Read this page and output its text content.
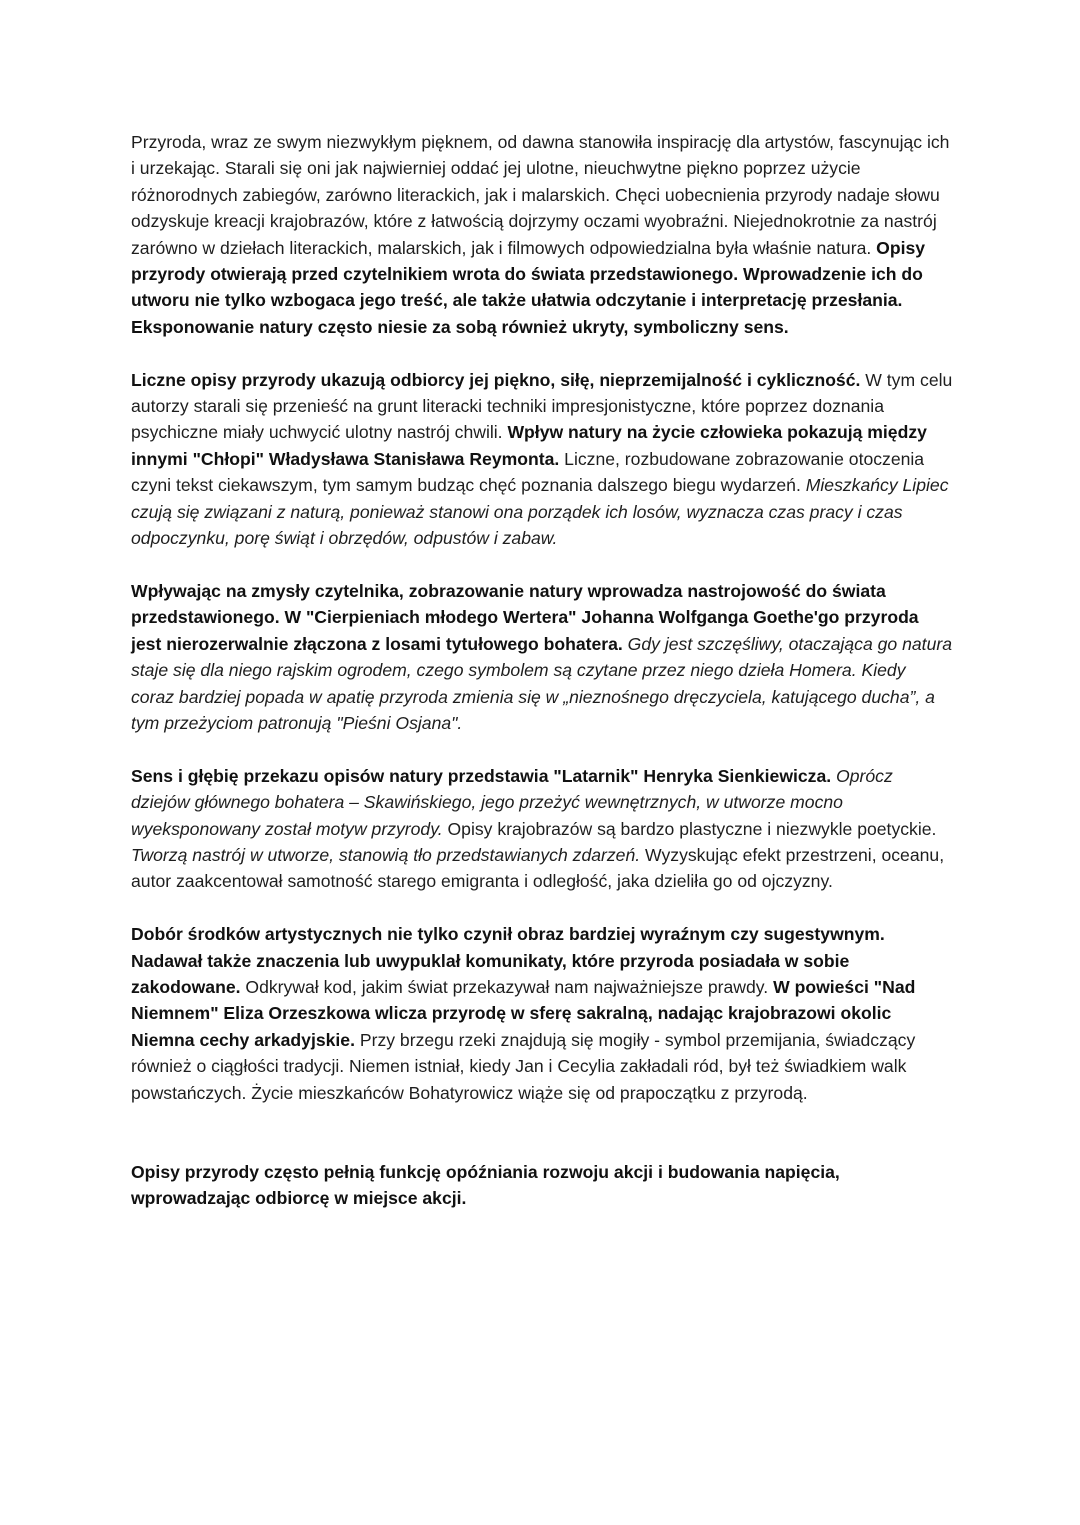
Przyroda, wraz ze swym niezwykłym pięknem, od dawna stanowiła inspirację dla artystów, fascynując ich i urzekając. Starali się oni jak najwierniej oddać jej ulotne, nieuchwytne piękno poprzez użycie różnorodnych zabiegów, zarówno literackich, jak i malarskich. Chęci uobecnienia przyrody nadaje słowu odzyskuje kreacji krajobrazów, które z łatwością dojrzymy oczami wyobraźni. Niejednokrotnie za nastrój zarówno w dziełach literackich, malarskich, jak i filmowych odpowiedzialna była właśnie natura. Opisy przyrody otwierają przed czytelnikiem wrota do świata przedstawionego. Wprowadzenie ich do utworu nie tylko wzbogaca jego treść, ale także ułatwia odczytanie i interpretację przesłania. Eksponowanie natury często niesie za sobą również ukryty, symboliczny sens.

Liczne opisy przyrody ukazują odbiorcy jej piękno, siłę, nieprzemijalność i cykliczność. W tym celu autorzy starali się przenieść na grunt literacki techniki impresjonistyczne, które poprzez doznania psychiczne miały uchwycić ulotny nastrój chwili. Wpływ natury na życie człowieka pokazują między innymi "Chłopi" Władysława Stanisława Reymonta. Liczne, rozbudowane zobrazowanie otoczenia czyni tekst ciekawszym, tym samym budząc chęć poznania dalszego biegu wydarzeń. Mieszkańcy Lipiec czują się związani z naturą, ponieważ stanowi ona porządek ich losów, wyznacza czas pracy i czas odpoczynku, porę świąt i obrzędów, odpustów i zabaw.

Wpływając na zmysły czytelnika, zobrazowanie natury wprowadza nastrojowość do świata przedstawionego. W "Cierpieniach młodego Wertera" Johanna Wolfganga Goethe'go przyroda jest nierozerwalnie złączona z losami tytułowego bohatera. Gdy jest szczęśliwy, otaczająca go natura staje się dla niego rajskim ogrodem, czego symbolem są czytane przez niego dzieła Homera. Kiedy coraz bardziej popada w apatię przyroda zmienia się w „nieznośnego dręczyciela, katującego ducha”, a tym przeżyciom patronują "Pieśni Osjana".

Sens i głębię przekazu opisów natury przedstawia "Latarnik" Henryka Sienkiewicza. Oprócz dziejów głównego bohatera – Skawińskiego, jego przeżyć wewnętrznych, w utworze mocno wyeksponowany został motyw przyrody. Opisy krajobrazów są bardzo plastyczne i niezwykle poetyckie. Tworzą nastrój w utworze, stanowią tło przedstawianych zdarzeń. Wyzyskując efekt przestrzeni, oceanu, autor zaakcentował samotność starego emigranta i odległość, jaka dzieliła go od ojczyzny.

Dobór środków artystycznych nie tylko czynił obraz bardziej wyraźnym czy sugestywnym. Nadawał także znaczenia lub uwypuklał komunikaty, które przyroda posiadała w sobie zakodowane. Odkrywał kod, jakim świat przekazywał nam najważniejsze prawdy. W powieści "Nad Niemnem" Eliza Orzeszkowa wlicza przyrodę w sferę sakralną, nadając krajobrazowi okolic Niemna cechy arkadyjskie. Przy brzegu rzeki znajdują się mogiły - symbol przemijania, świadczący również o ciągłości tradycji. Niemen istniał, kiedy Jan i Cecylia zakładali ród, był też świadkiem walk powstańczych. Życie mieszkańców Bohatyrowicz wiąże się od prapoczątku z przyrodą.

Opisy przyrody często pełnią funkcję opóźniania rozwoju akcji i budowania napięcia, wprowadzając odbiorcę w miejsce akcji.
